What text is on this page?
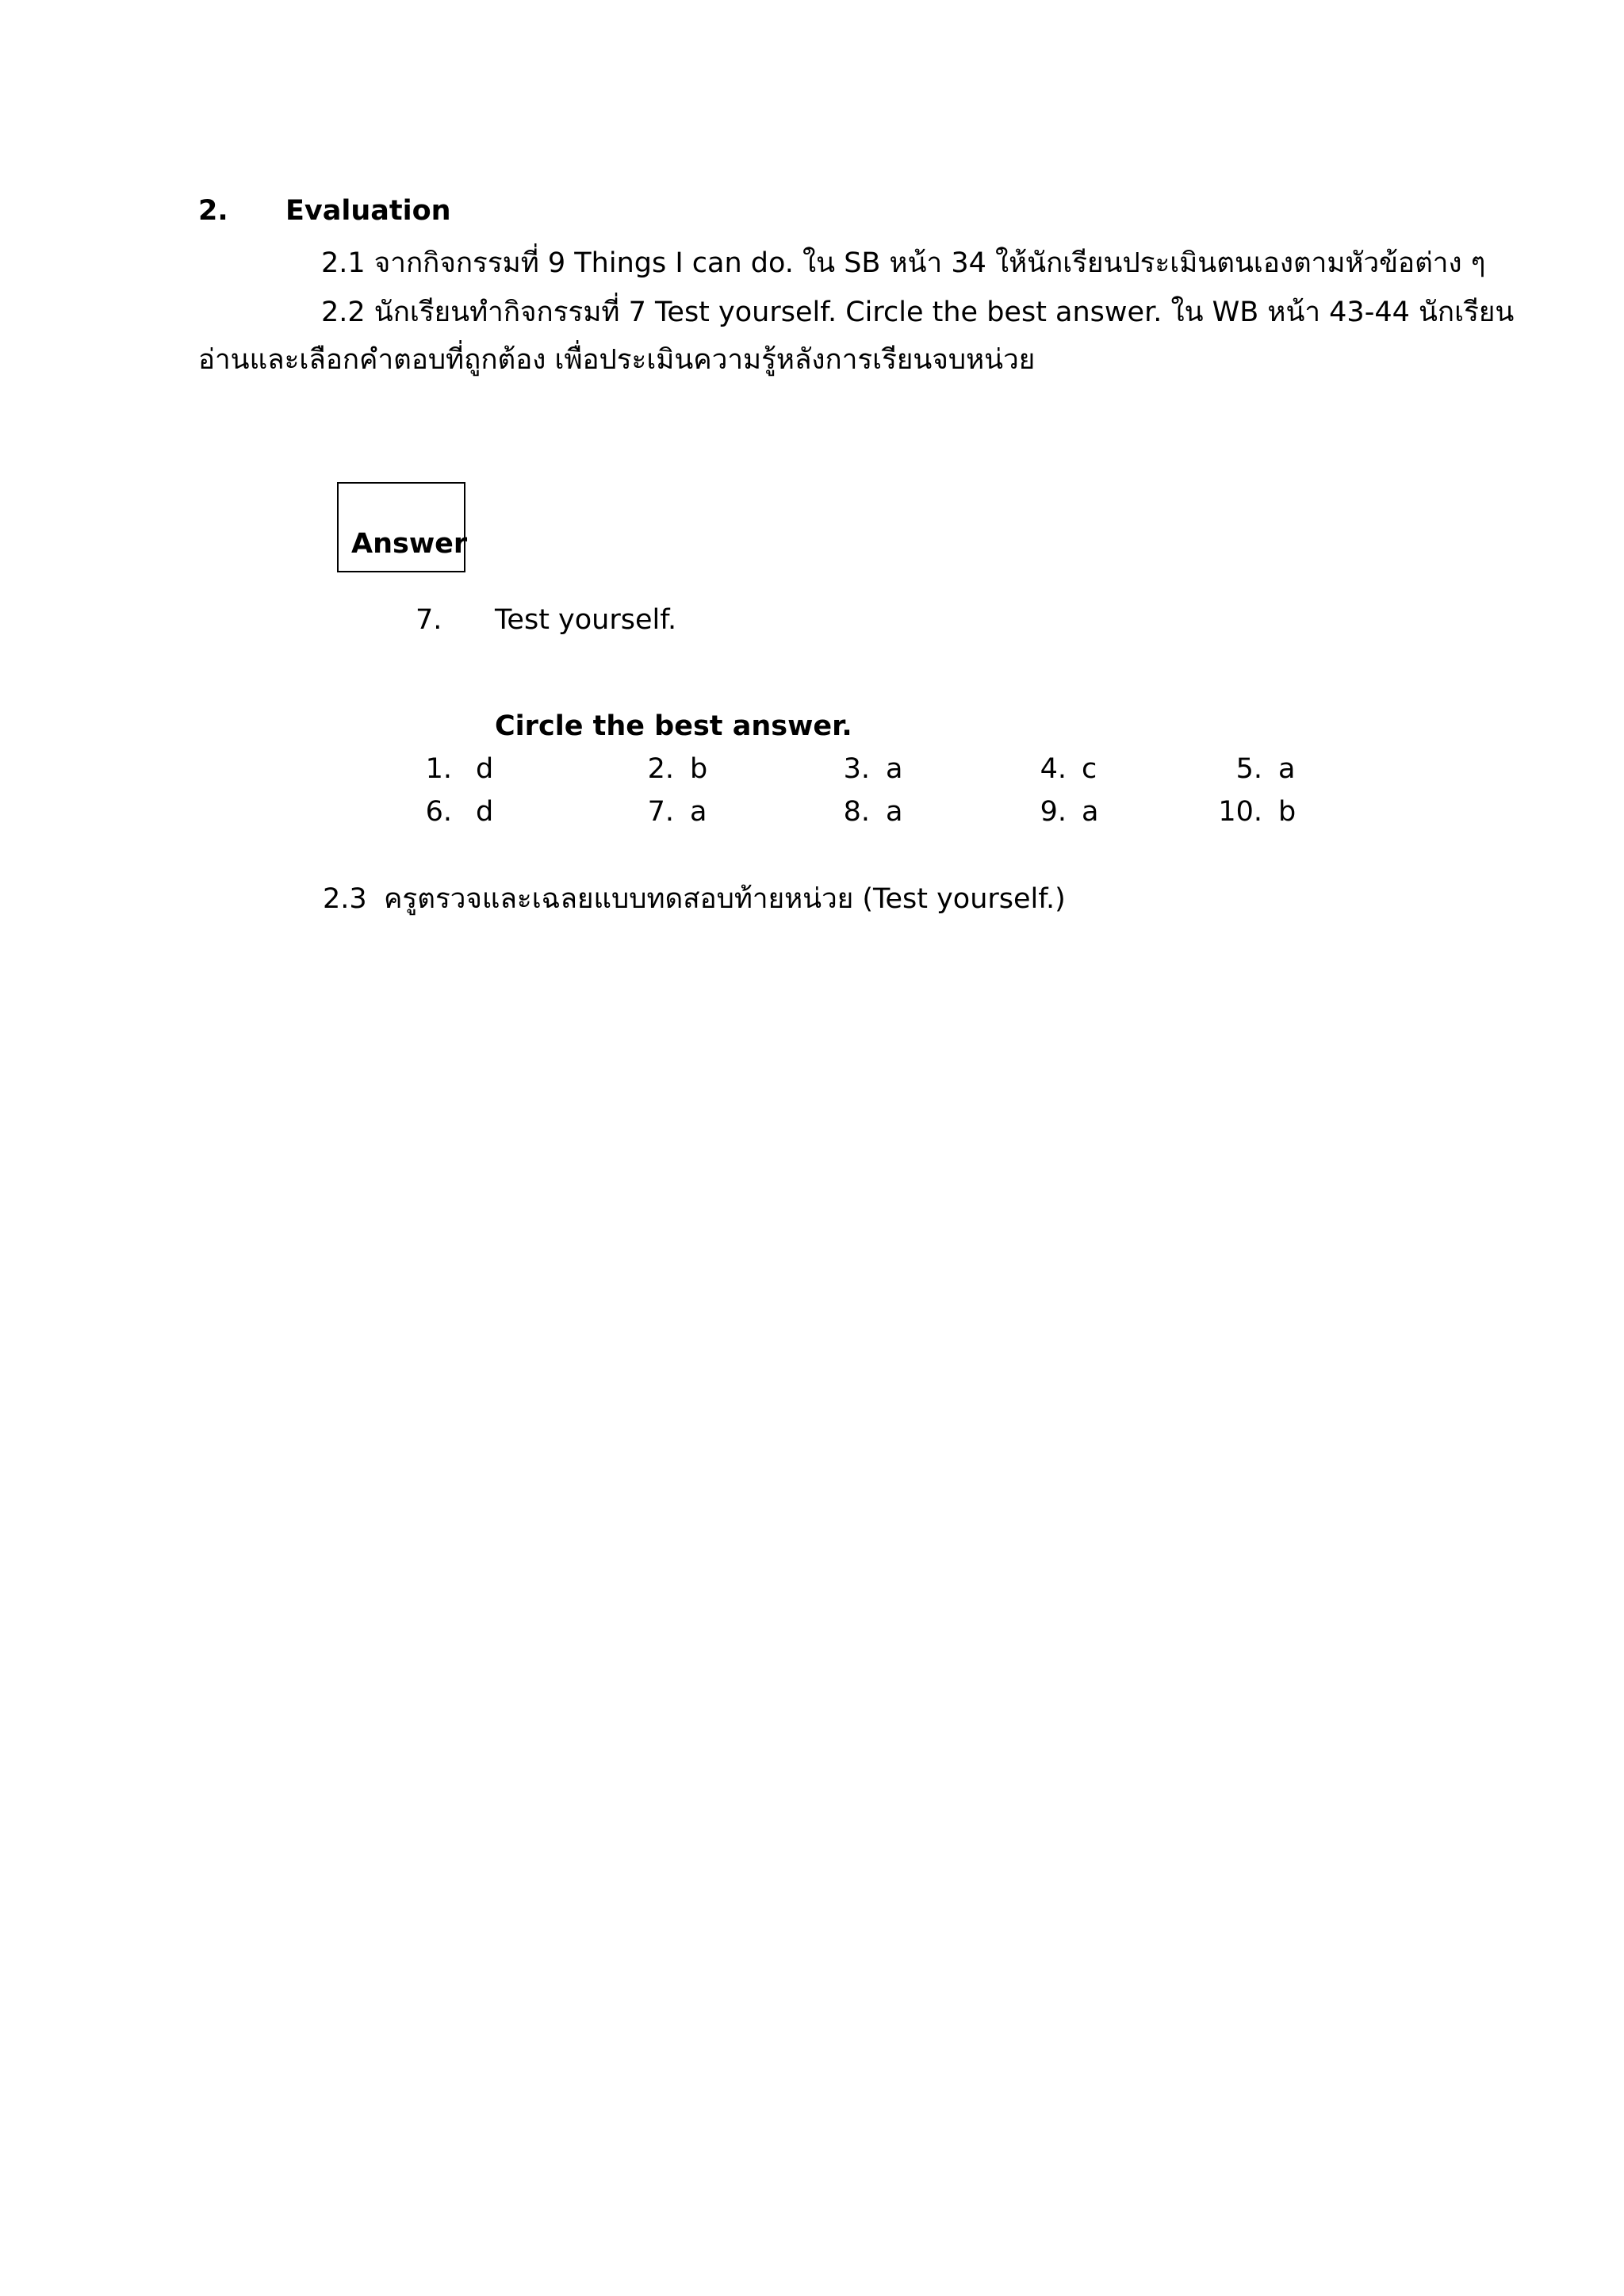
2. Evaluation
2.1 จากกิจกรรมที่ 9 Things I can do. ใน SB หน้า 34 ให้นักเรียนประเมินตนเองตามหัวข้อต่าง ๆ
2.2 นักเรียนทำกิจกรรมที่ 7 Test yourself. Circle the best answer. ใน WB หน้า 43-44 นักเรียน
อ่านและเลือกคำตอบที่ถูกต้อง เพื่อประเมินความรู้หลังการเรียนจบหน่วย
Answer
7. Test yourself.
Circle the best answer.
1. d	2. b	3. a	4. c	5. a
6. d	7. a	8. a	9. a	10. b
2.3 ครูตรวจและเฉลยแบบทดสอบท้ายหน่วย (Test yourself.)
